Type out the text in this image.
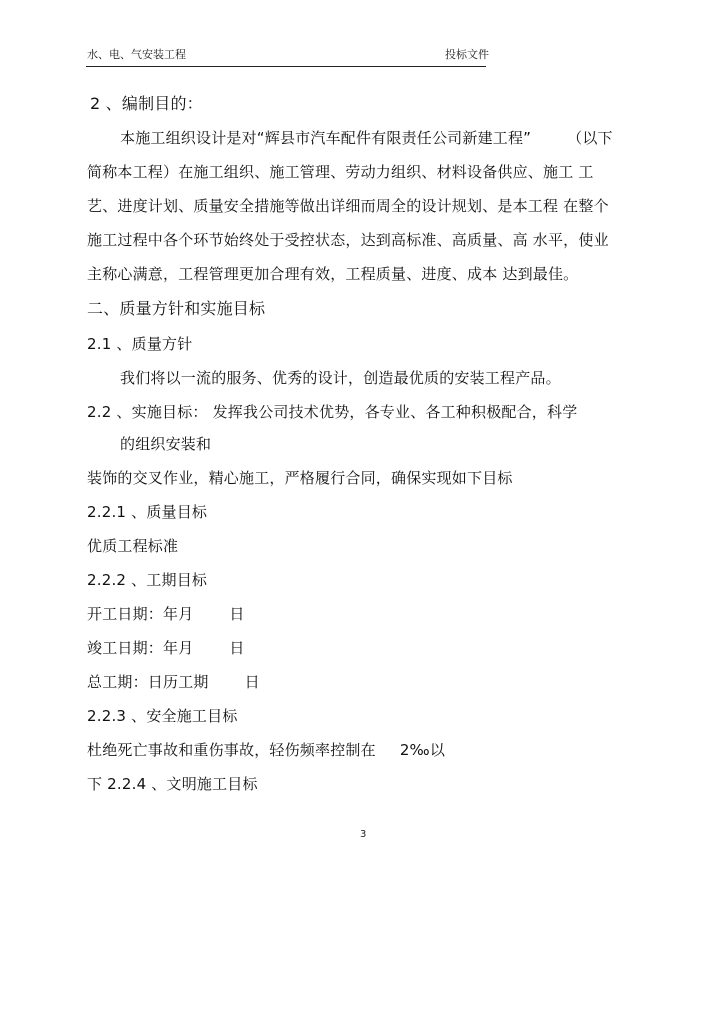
水、电、气安装工程	投标文件
2 、编制目的：
本施工组织设计是对“辉县市汽车配件有限责任公司新建工程” （以下
简称本工程）在施工组织、施工管理、劳动力组织、材料设备供应、施工 工
艺、进度计划、质量安全措施等做出详细而周全的设计规划、是本工程 在整个
施工过程中各个环节始终处于受控状态，达到高标准、高质量、高 水平，使业
主称心满意，工程管理更加合理有效，工程质量、进度、成本 达到最佳。
二、质量方针和实施目标
2.1 、质量方针
我们将以一流的服务、优秀的设计，创造最优质的安装工程产品。
2.2 、实施目标： 发挥我公司技术优势，各专业、各工种积极配合，科学
的组织安装和
装饰的交叉作业，精心施工，严格履行合同，确保实现如下目标
2.2.1 、质量目标
优质工程标准
2.2.2 、工期目标
开工日期：年月 日
竣工日期：年月 日
总工期：日历工期 日
2.2.3 、安全施工目标
杜绝死亡事故和重伤事故，轻伤频率控制在 2‰以
下 2.2.4 、文明施工目标
3
